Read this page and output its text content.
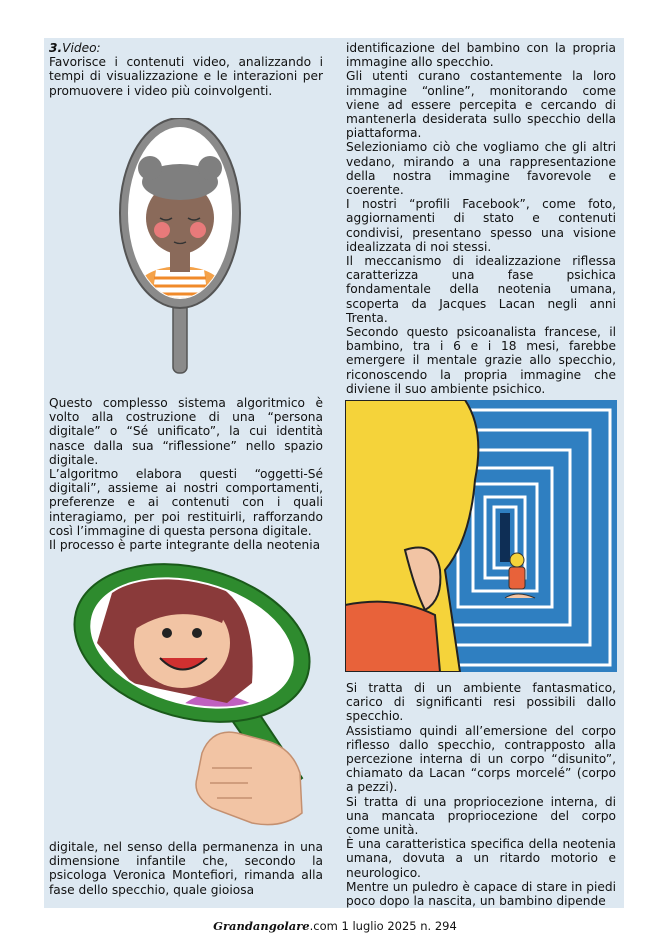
3.Video:

Favorisce i contenuti video, analizzando i tempi di visualizzazione e le interazioni per promuovere i video più coinvolgenti.

Questo complesso sistema algoritmico è volto alla costruzione di una “persona digitale” o “Sé unificato”, la cui identità nasce dalla sua “riflessione” nello spazio digitale.

L’algoritmo elabora questi “oggetti-Sé digitali”, assieme ai nostri comportamenti, preferenze e ai contenuti con i quali interagiamo, per poi restituirli, rafforzando così l’immagine di questa persona digitale.

Il processo è parte integrante della neotenia

digitale, nel senso della permanenza in una dimensione infantile che, secondo la psicologa Veronica Montefiori, rimanda alla fase dello specchio, quale gioiosa

identificazione del bambino con la propria immagine allo specchio.

Gli utenti curano costantemente la loro immagine “online”, monitorando come viene ad essere percepita e cercando di mantenerla desiderata sullo specchio della piattaforma.

Selezioniamo ciò che vogliamo che gli altri vedano, mirando a una rappresentazione della nostra immagine favorevole e coerente.

I nostri “profili Facebook”, come foto, aggiornamenti di stato e contenuti condivisi, presentano spesso una visione idealizzata di noi stessi.

Il meccanismo di idealizzazione riflessa caratterizza una fase psichica fondamentale della neotenia umana, scoperta da Jacques Lacan negli anni Trenta.

Secondo questo psicoanalista francese, il bambino, tra i 6 e i 18 mesi, farebbe emergere il mentale grazie allo specchio, riconoscendo la propria immagine che diviene il suo ambiente psichico.

Si tratta di un ambiente fantasmatico, carico di significanti resi possibili dallo specchio.

Assistiamo quindi all’emersione del corpo riflesso dallo specchio, contrapposto alla percezione interna di un corpo “disunito”, chiamato da Lacan “corps morcelé” (corpo a pezzi).

Si tratta di una propriocezione interna, di una mancata propriocezione del corpo come unità.

È una caratteristica specifica della neotenia umana, dovuta a un ritardo motorio e neurologico.

Mentre un puledro è capace di stare in piedi poco dopo la nascita, un bambino dipende

Grandangolare.com 1 luglio 2025 n. 294
